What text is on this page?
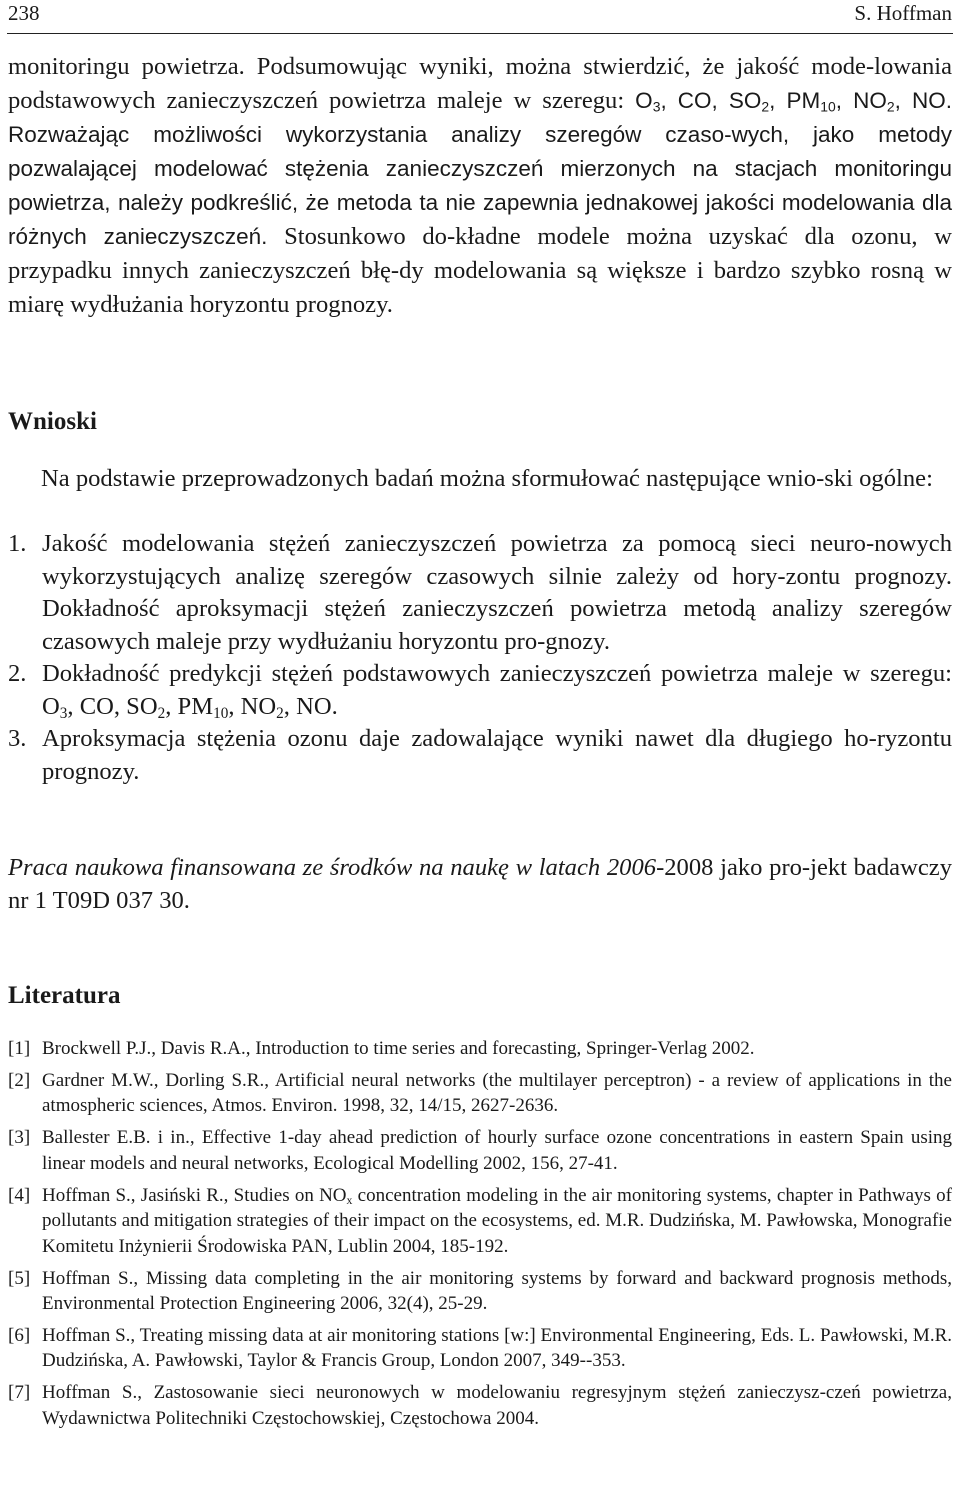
238	S. Hoffman
monitoringu powietrza. Podsumowując wyniki, można stwierdzić, że jakość mode-lowania podstawowych zanieczyszczeń powietrza maleje w szeregu: $O_3$, CO, $SO_2$, $PM_{10}$, $NO_2$, NO. Rozważając możliwości wykorzystania analizy szeregów czaso-wych, jako metody pozwalającej modelować stężenia zanieczyszczeń mierzonych na stacjach monitoringu powietrza, należy podkreślić, że metoda ta nie zapewnia jednakowej jakości modelowania dla różnych zanieczyszczeń. Stosunkowo do-kładne modele można uzyskać dla ozonu, w przypadku innych zanieczyszczeń błę-dy modelowania są większe i bardzo szybko rosną w miarę wydłużania horyzontu prognozy.
Wnioski
Na podstawie przeprowadzonych badań można sformułować następujące wnio-ski ogólne:
1. Jakość modelowania stężeń zanieczyszczeń powietrza za pomocą sieci neuro-nowych wykorzystujących analizę szeregów czasowych silnie zależy od hory-zontu prognozy. Dokładność aproksymacji stężeń zanieczyszczeń powietrza metodą analizy szeregów czasowych maleje przy wydłużaniu horyzontu pro-gnozy.
2. Dokładność predykcji stężeń podstawowych zanieczyszczeń powietrza maleje w szeregu: $O_3$, CO, $SO_2$, $PM_{10}$, $NO_2$, NO.
3. Aproksymacja stężenia ozonu daje zadowalające wyniki nawet dla długiego ho-ryzontu prognozy.
Praca naukowa finansowana ze środków na naukę w latach 2006-2008 jako pro-jekt badawczy nr 1 T09D 037 30.
Literatura
[1] Brockwell P.J., Davis R.A., Introduction to time series and forecasting, Springer-Verlag 2002.
[2] Gardner M.W., Dorling S.R., Artificial neural networks (the multilayer perceptron) - a review of applications in the atmospheric sciences, Atmos. Environ. 1998, 32, 14/15, 2627-2636.
[3] Ballester E.B. i in., Effective 1-day ahead prediction of hourly surface ozone concentrations in eastern Spain using linear models and neural networks, Ecological Modelling 2002, 156, 27-41.
[4] Hoffman S., Jasiński R., Studies on $NO_x$ concentration modeling in the air monitoring systems, chapter in Pathways of pollutants and mitigation strategies of their impact on the ecosystems, ed. M.R. Dudzińska, M. Pawłowska, Monografie Komitetu Inżynierii Środowiska PAN, Lublin 2004, 185-192.
[5] Hoffman S., Missing data completing in the air monitoring systems by forward and backward prognosis methods, Environmental Protection Engineering 2006, 32(4), 25-29.
[6] Hoffman S., Treating missing data at air monitoring stations [w:] Environmental Engineering, Eds. L. Pawłowski, M.R. Dudzińska, A. Pawłowski, Taylor & Francis Group, London 2007, 349--353.
[7] Hoffman S., Zastosowanie sieci neuronowych w modelowaniu regresyjnym stężeń zanieczysz-czeń powietrza, Wydawnictwa Politechniki Częstochowskiej, Częstochowa 2004.
